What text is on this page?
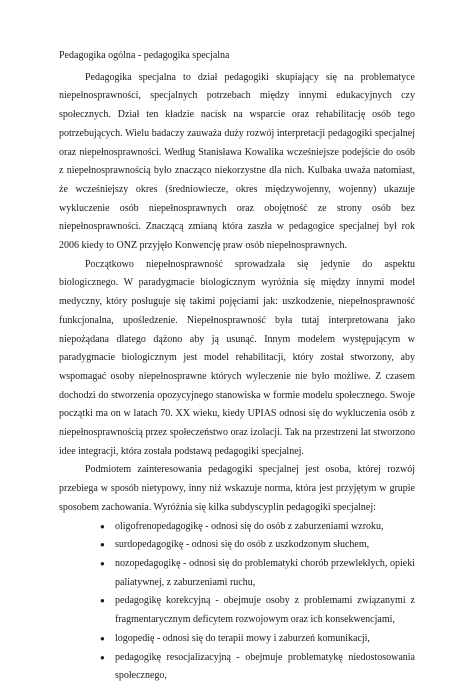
Pedagogika ogólna - pedagogika specjalna

Pedagogika specjalna to dział pedagogiki skupiający się na problematyce niepełnosprawności, specjalnych potrzebach między innymi edukacyjnych czy społecznych. Dział ten kładzie nacisk na wsparcie oraz rehabilitację osób tego potrzebujących. Wielu badaczy zauważa duży rozwój interpretacji pedagogiki specjalnej oraz niepełnosprawności. Według Stanisława Kowalika wcześniejsze podejście do osób z niepełnosprawnością było znacząco niekorzystne dla nich. Kulbaka uważa natomiast, że wcześniejszy okres (średniowiecze, okres międzywojenny, wojenny) ukazuje wykluczenie osób niepełnosprawnych oraz obojętność ze strony osób bez niepełnosprawności. Znaczącą zmianą która zaszła w pedagogice specjalnej był rok 2006 kiedy to ONZ przyjęło Konwencję praw osób niepełnosprawnych.

Początkowo niepełnosprawność sprowadzała się jedynie do aspektu biologicznego. W paradygmacie biologicznym wyróżnia się między innymi model medyczny, który posługuje się takimi pojęciami jak: uszkodzenie, niepełnosprawność funkcjonalna, upośledzenie. Niepełnosprawność była tutaj interpretowana jako niepożądana dlatego dążono aby ją usunąć. Innym modelem występującym w paradygmacie biologicznym jest model rehabilitacji, który został stworzony, aby wspomagać osoby niepełnosprawne których wyleczenie nie było możliwe. Z czasem dochodzi do stworzenia opozycyjnego stanowiska w formie modelu społecznego. Swoje początki ma on w latach 70. XX wieku, kiedy UPIAS odnosi się do wykluczenia osób z niepełnosprawnością przez społeczeństwo oraz izolacji. Tak na przestrzeni lat stworzono idee integracji, która została podstawą pedagogiki specjalnej.

Podmiotem zainteresowania pedagogiki specjalnej jest osoba, której rozwój przebiega w sposób nietypowy, inny niż wskazuje norma, która jest przyjętym w grupie sposobem zachowania. Wyróżnia się kilka subdyscyplin pedagogiki specjalnej:

● oligofrenopedagogikę - odnosi się do osób z zaburzeniami wzroku,
● surdopedagogikę - odnosi się do osób z uszkodzonym słuchem,
● nozopedagogikę - odnosi się do problematyki chorób przewlekłych, opieki paliatywnej, z zaburzeniami ruchu,
● pedagogikę korekcyjną - obejmuje osoby z problemami związanymi z fragmentarycznym deficytem rozwojowym oraz ich konsekwencjami,
● logopedię - odnosi się do terapii mowy i zaburzeń komunikacji,
● pedagogikę resocjalizacyjną - obejmuje problematykę niedostosowania społecznego,
